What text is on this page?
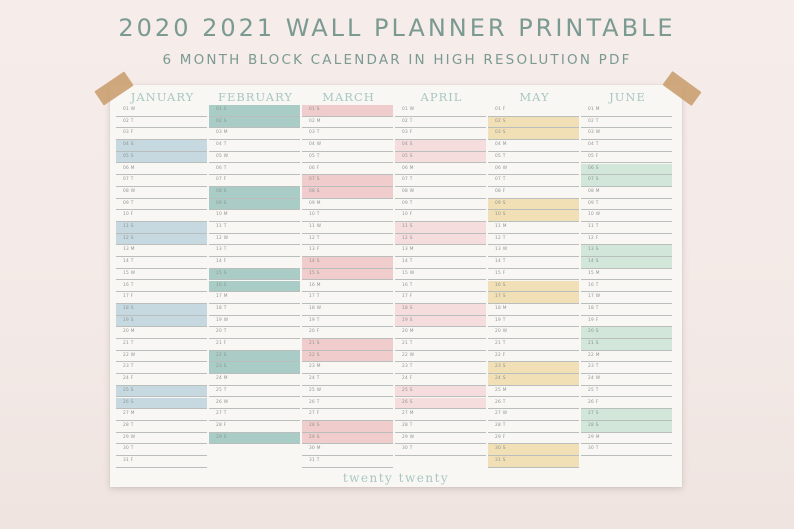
2020 2021 WALL PLANNER PRINTABLE
6 MONTH BLOCK CALENDAR IN HIGH RESOLUTION PDF
twenty twenty
JANUARY
01 W
02 T
03 F
04 S
05 S
06 M
07 T
08 W
09 T
10 F
11 S
12 S
13 M
14 T
15 W
16 T
17 F
18 S
19 S
20 M
21 T
22 W
23 T
24 F
25 S
26 S
27 M
28 T
29 W
30 T
31 F
FEBRUARY
01 S
02 S
03 M
04 T
05 W
06 T
07 F
08 S
09 S
10 M
11 T
12 W
13 T
14 F
15 S
16 S
17 M
18 T
19 W
20 T
21 F
22 S
23 S
24 M
25 T
26 W
27 T
28 F
29 S
MARCH
01 S
02 M
03 T
04 W
05 T
06 F
07 S
08 S
09 M
10 T
11 W
12 T
13 F
14 S
15 S
16 M
17 T
18 W
19 T
20 F
21 S
22 S
23 M
24 T
25 W
26 T
27 F
28 S
29 S
30 M
31 T
APRIL
01 W
02 T
03 F
04 S
05 S
06 M
07 T
08 W
09 T
10 F
11 S
12 S
13 M
14 T
15 W
16 T
17 F
18 S
19 S
20 M
21 T
22 W
23 T
24 F
25 S
26 S
27 M
28 T
29 W
30 T
MAY
01 F
02 S
03 S
04 M
05 T
06 W
07 T
08 F
09 S
10 S
11 M
12 T
13 W
14 T
15 F
16 S
17 S
18 M
19 T
20 W
21 T
22 F
23 S
24 S
25 M
26 T
27 W
28 T
29 F
30 S
31 S
JUNE
01 M
02 T
03 W
04 T
05 F
06 S
07 S
08 M
09 T
10 W
11 T
12 F
13 S
14 S
15 M
16 T
17 W
18 T
19 F
20 S
21 S
22 M
23 T
24 W
25 T
26 F
27 S
28 S
29 M
30 T
